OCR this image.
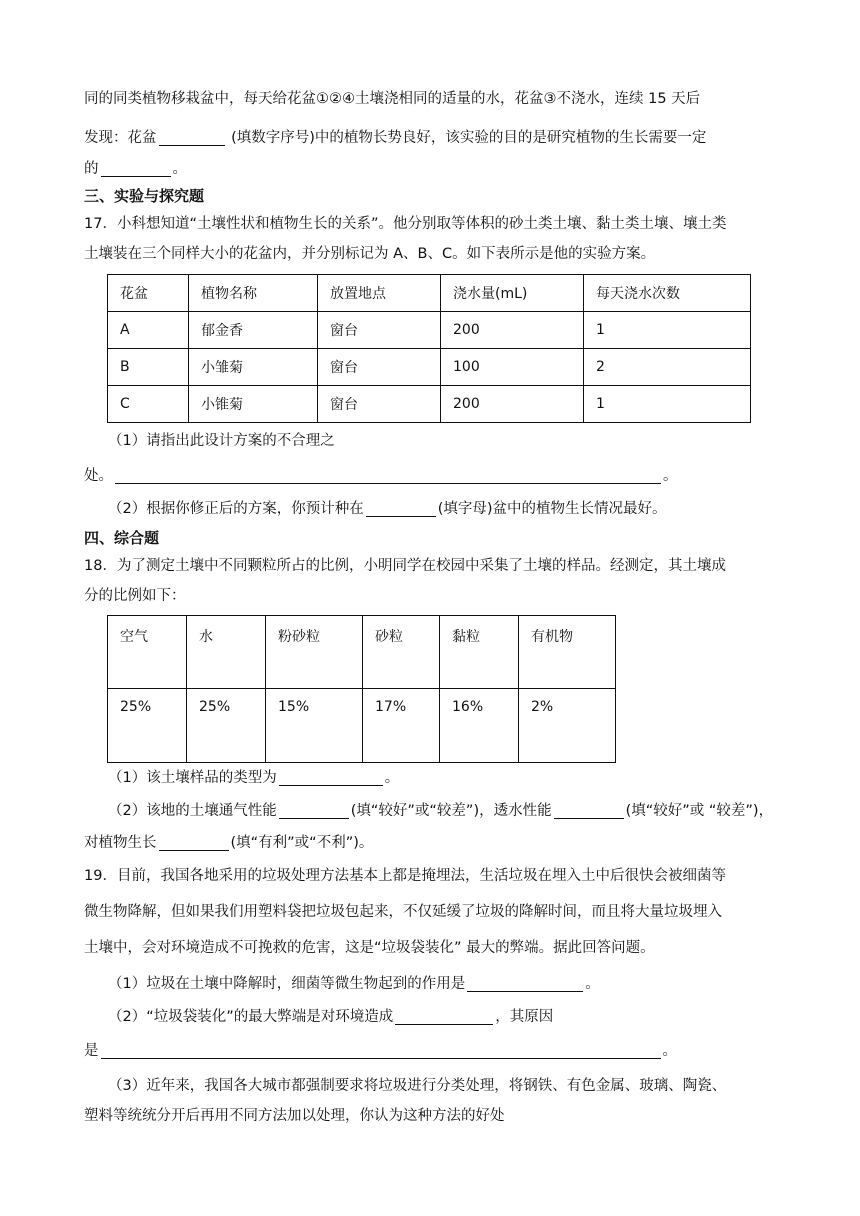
同的同类植物移栽盆中，每天给花盆①②④土壤浇相同的适量的水，花盆③不浇水，连续 15 天后
发现：花盆	(填数字序号)中的植物长势良好，该实验的目的是研究植物的生长需要一定
的	。
三、实验与探究题
17．小科想知道“土壤性状和植物生长的关系”。他分别取等体积的砂土类土壤、黏土类土壤、壤土类
土壤装在三个同样大小的花盆内，并分别标记为 A、B、C。如下表所示是他的实验方案。
花盆	植物名称	放置地点	浇水量(mL)	每天浇水次数
A	郁金香	窗台	200	1
B	小雏菊	窗台	100	2
C	小锥菊	窗台	200	1
（1）请指出此设计方案的不合理之
处。	。
（2）根据你修正后的方案，你预计种在	(填字母)盆中的植物生长情况最好。
四、综合题
18．为了测定土壤中不同颗粒所占的比例，小明同学在校园中采集了土壤的样品。经测定，其土壤成
分的比例如下：
空气	水	粉砂粒	砂粒	黏粒	有机物
25%	25%	15%	17%	16%	2%
（1）该土壤样品的类型为	。
（2）该地的土壤通气性能	(填“较好”或“较差”)，透水性能	(填“较好”或 “较差”)，
对植物生长	(填“有利”或“不利”)。
19．目前，我国各地采用的垃圾处理方法基本上都是掩埋法，生活垃圾在埋入土中后很快会被细菌等
微生物降解，但如果我们用塑料袋把垃圾包起来，不仅延缓了垃圾的降解时间，而且将大量垃圾埋入
土壤中，会对环境造成不可挽救的危害，这是“垃圾袋装化” 最大的弊端。据此回答问题。
（1）垃圾在土壤中降解时，细菌等微生物起到的作用是	。
（2）“垃圾袋装化”的最大弊端是对环境造成	，其原因
是	。
（3）近年来，我国各大城市都强制要求将垃圾进行分类处理，将钢铁、有色金属、玻璃、陶瓷、
塑料等统统分开后再用不同方法加以处理，你认为这种方法的好处
